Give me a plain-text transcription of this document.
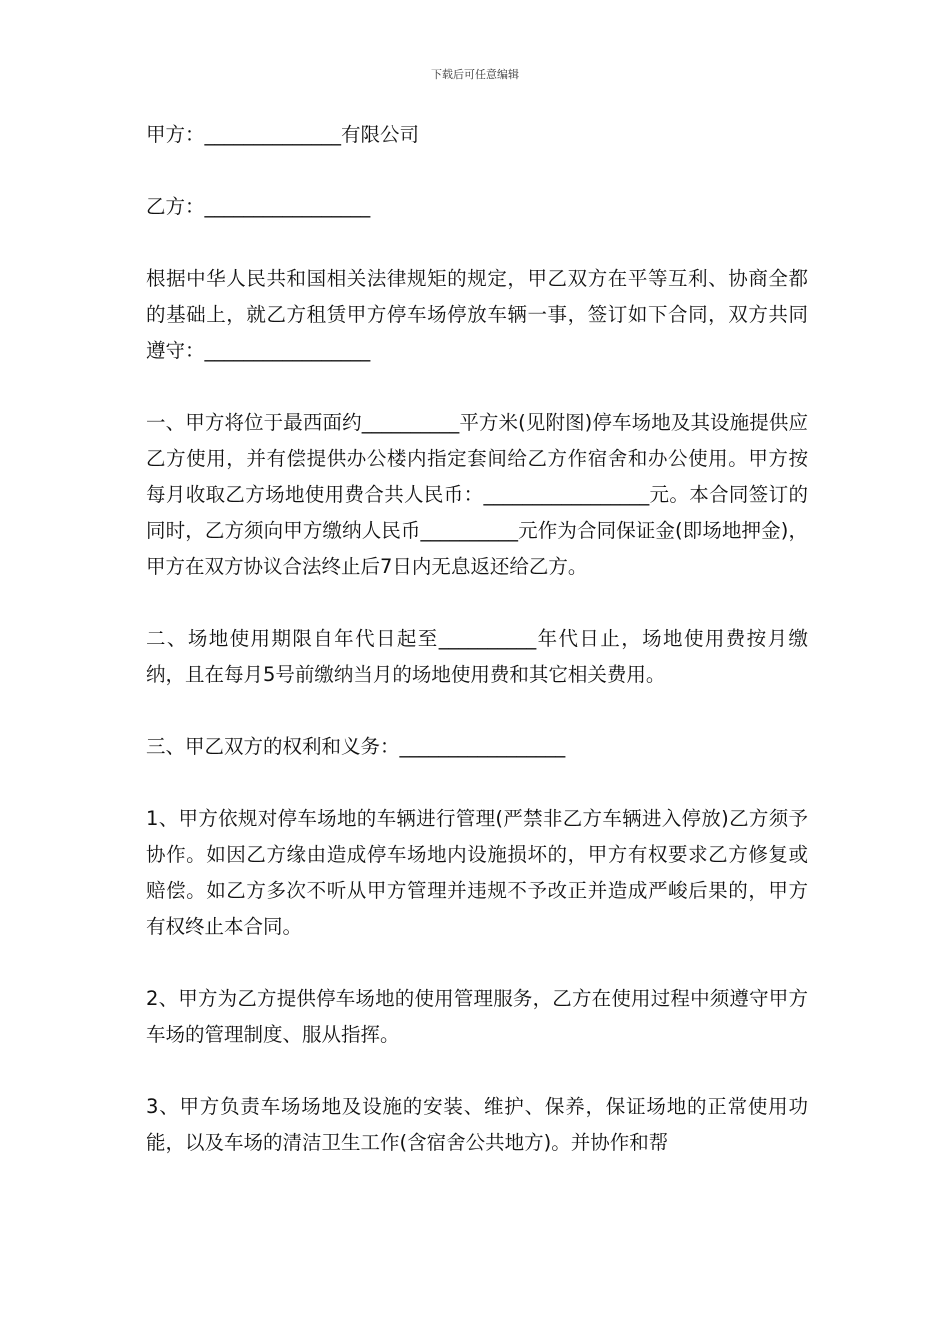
下载后可任意编辑

甲方：______________有限公司

乙方：_________________

根据中华人民共和国相关法律规矩的规定，甲乙双方在平等互利、协商全都的基础上，就乙方租赁甲方停车场停放车辆一事，签订如下合同，双方共同遵守：_________________

一、甲方将位于最西面约__________平方米(见附图)停车场地及其设施提供应乙方使用，并有偿提供办公楼内指定套间给乙方作宿舍和办公使用。甲方按每月收取乙方场地使用费合共人民币：_________________元。本合同签订的同时，乙方须向甲方缴纳人民币__________元作为合同保证金(即场地押金)，甲方在双方协议合法终止后7日内无息返还给乙方。

二、场地使用期限自年代日起至__________年代日止，场地使用费按月缴纳，且在每月5号前缴纳当月的场地使用费和其它相关费用。

三、甲乙双方的权利和义务：_________________

1、甲方依规对停车场地的车辆进行管理(严禁非乙方车辆进入停放)乙方须予协作。如因乙方缘由造成停车场地内设施损坏的，甲方有权要求乙方修复或赔偿。如乙方多次不听从甲方管理并违规不予改正并造成严峻后果的，甲方有权终止本合同。

2、甲方为乙方提供停车场地的使用管理服务，乙方在使用过程中须遵守甲方车场的管理制度、服从指挥。

3、甲方负责车场场地及设施的安装、维护、保养，保证场地的正常使用功能，以及车场的清洁卫生工作(含宿舍公共地方)。并协作和帮
